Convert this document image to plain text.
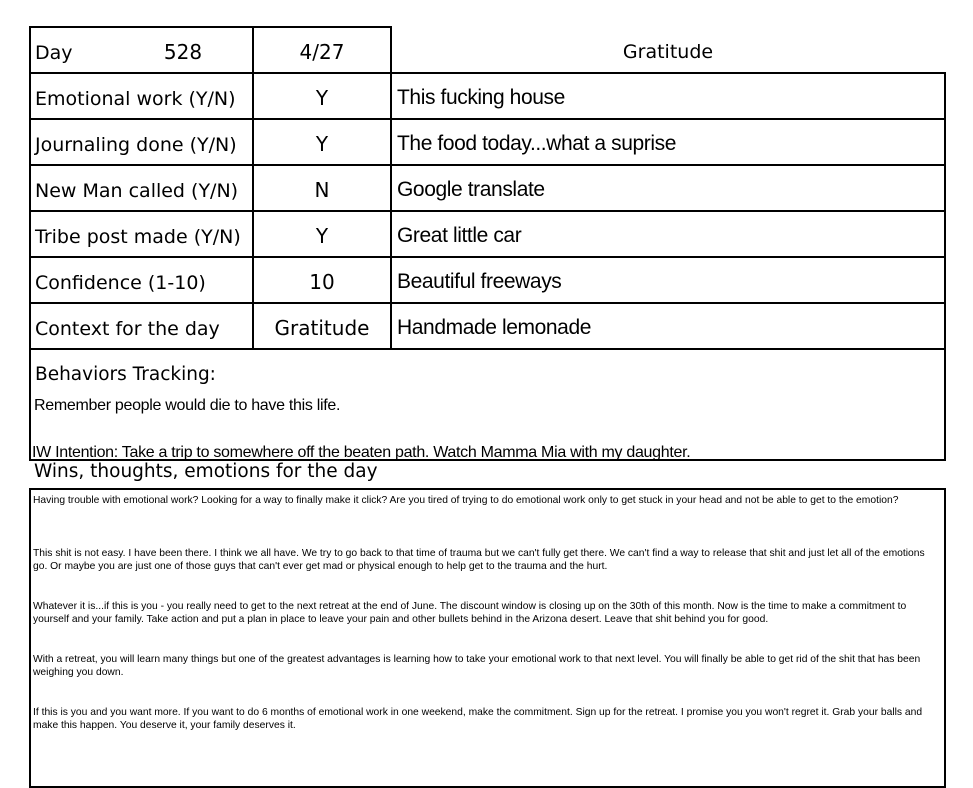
Day	528	4/27	Gratitude
Emotional work (Y/N)	Y	This fucking house
Journaling done (Y/N)	Y	The food today...what a suprise
New Man called (Y/N)	N	Google translate
Tribe post made (Y/N)	Y	Great little car
Confidence (1-10)	10	Beautiful freeways
Context for the day	Gratitude	Handmade lemonade
Behaviors Tracking:
Remember people would die to have this life.
IW Intention: Take a trip to somewhere off the beaten path. Watch Mamma Mia with my daughter.
Wins, thoughts, emotions for the day
Having trouble with emotional work? Looking for a way to finally make it click? Are you tired of trying to do emotional work only to get stuck in your head and not be able to get to the emotion?
This shit is not easy. I have been there. I think we all have. We try to go back to that time of trauma but we can't fully get there. We can't find a way to release that shit and just let all of the emotions go. Or maybe you are just one of those guys that can't ever get mad or physical enough to help get to the trauma and the hurt.
Whatever it is...if this is you - you really need to get to the next retreat at the end of June. The discount window is closing up on the 30th of this month. Now is the time to make a commitment to yourself and your family. Take action and put a plan in place to leave your pain and other bullets behind in the Arizona desert. Leave that shit behind you for good.
With a retreat, you will learn many things but one of the greatest advantages is learning how to take your emotional work to that next level. You will finally be able to get rid of the shit that has been weighing you down.
If this is you and you want more. If you want to do 6 months of emotional work in one weekend, make the commitment. Sign up for the retreat. I promise you you won't regret it. Grab your balls and make this happen. You deserve it, your family deserves it.
